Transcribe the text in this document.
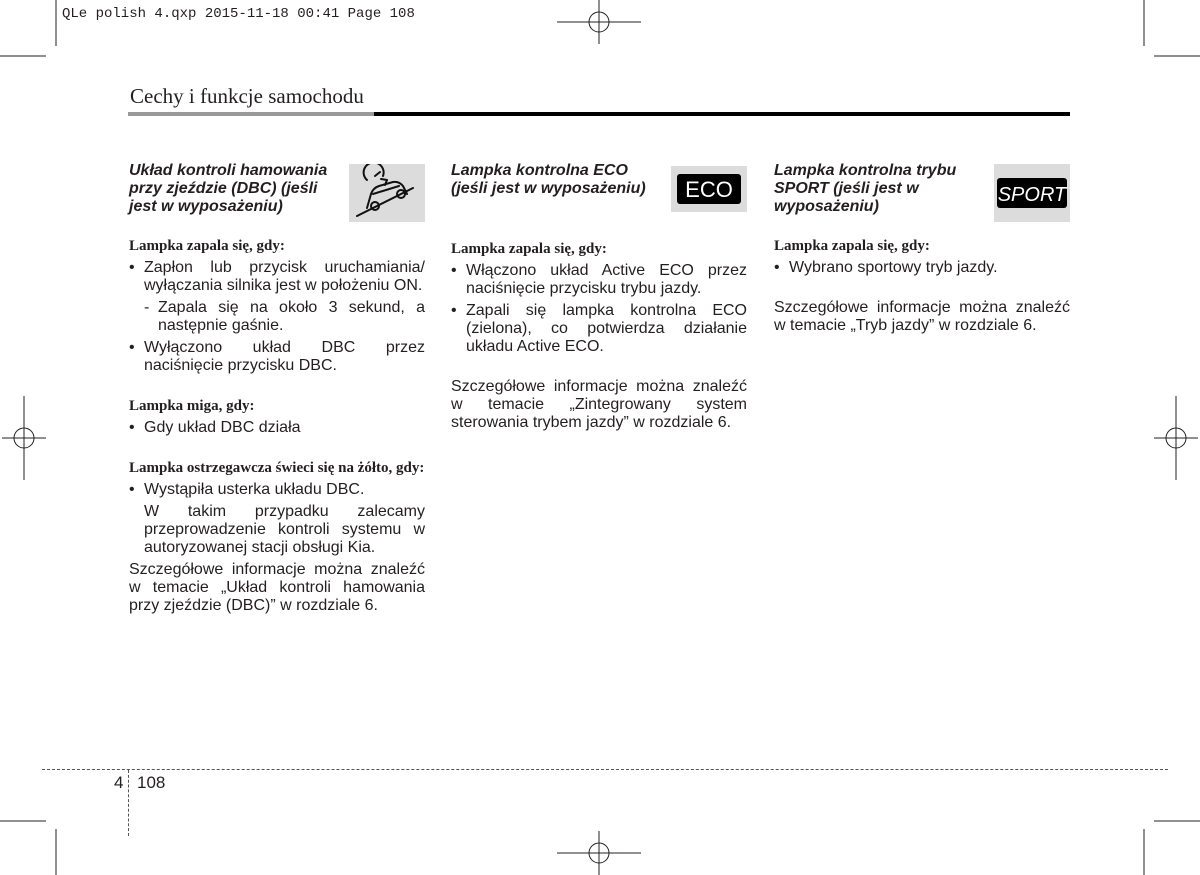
QLe polish 4.qxp 2015-11-18 00:41 Page 108
Cechy i funkcje samochodu
Układ kontroli hamowania przy zjeździe (DBC) (jeśli jest w wyposażeniu)

Lampka zapala się, gdy:

• Zapłon lub przycisk uruchamiania/ wyłączania silnika jest w położeniu ON.
- Zapala się na około 3 sekund, a następnie gaśnie.
• Wyłączono układ DBC przez naciśnięcie przycisku DBC.

Lampka miga, gdy:

• Gdy układ DBC działa

Lampka ostrzegawcza świeci się na żółto, gdy:

• Wystąpiła usterka układu DBC.
W takim przypadku zalecamy przeprowadzenie kontroli systemu w autoryzowanej stacji obsługi Kia.

Szczegółowe informacje można znaleźć w temacie „Układ kontroli hamowania przy zjeździe (DBC)” w rozdziale 6.

Lampka kontrolna ECO (jeśli jest w wyposażeniu)	ECO

Lampka zapala się, gdy:

• Włączono układ Active ECO przez naciśnięcie przycisku trybu jazdy.
• Zapali się lampka kontrolna ECO (zielona), co potwierdza działanie układu Active ECO.

Szczegółowe informacje można znaleźć w temacie „Zintegrowany system sterowania trybem jazdy” w rozdziale 6.

Lampka kontrolna trybu SPORT (jeśli jest w wyposażeniu)
SPORT

Lampka zapala się, gdy:

• Wybrano sportowy tryb jazdy.

Szczegółowe informacje można znaleźć w temacie „Tryb jazdy” w rozdziale 6.

4 108
